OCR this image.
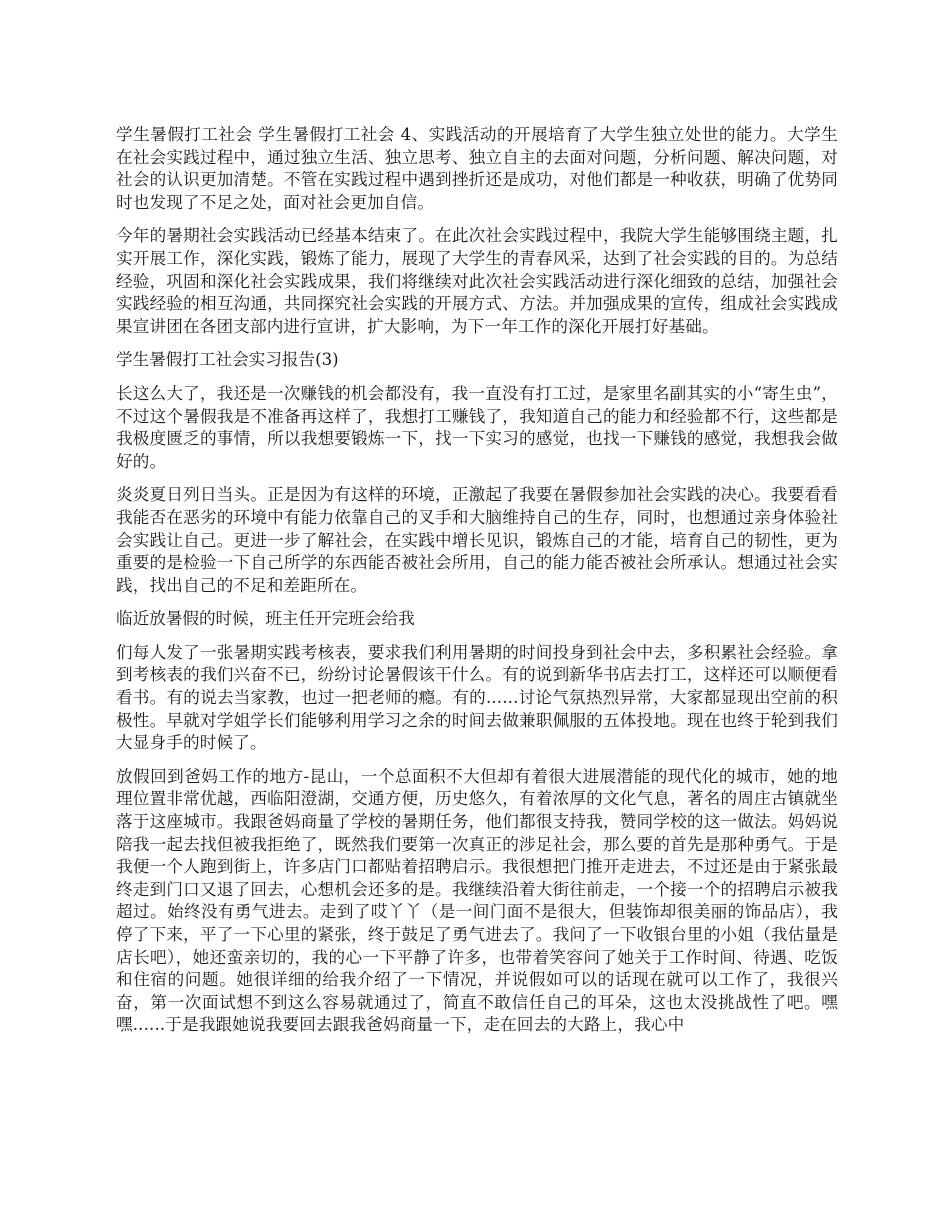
学生暑假打工社会 学生暑假打工社会 4、实践活动的开展培育了大学生独立处世的能力。大学生在社会实践过程中，通过独立生活、独立思考、独立自主的去面对问题，分析问题、解决问题，对社会的认识更加清楚。不管在实践过程中遇到挫折还是成功，对他们都是一种收获，明确了优势同时也发现了不足之处，面对社会更加自信。

今年的暑期社会实践活动已经基本结束了。在此次社会实践过程中，我院大学生能够围绕主题，扎实开展工作，深化实践，锻炼了能力，展现了大学生的青春风采，达到了社会实践的目的。为总结经验，巩固和深化社会实践成果，我们将继续对此次社会实践活动进行深化细致的总结，加强社会实践经验的相互沟通，共同探究社会实践的开展方式、方法。并加强成果的宣传，组成社会实践成果宣讲团在各团支部内进行宣讲，扩大影响，为下一年工作的深化开展打好基础。

学生暑假打工社会实习报告(3)

长这么大了，我还是一次赚钱的机会都没有，我一直没有打工过，是家里名副其实的小“寄生虫”，不过这个暑假我是不准备再这样了，我想打工赚钱了，我知道自己的能力和经验都不行，这些都是我极度匮乏的事情，所以我想要锻炼一下，找一下实习的感觉，也找一下赚钱的感觉，我想我会做好的。

炎炎夏日列日当头。正是因为有这样的环境，正激起了我要在暑假参加社会实践的决心。我要看看我能否在恶劣的环境中有能力依靠自己的叉手和大脑维持自己的生存，同时，也想通过亲身体验社会实践让自己。更进一步了解社会，在实践中增长见识，锻炼自己的才能，培育自己的韧性，更为重要的是检验一下自己所学的东西能否被社会所用，自己的能力能否被社会所承认。想通过社会实践，找出自己的不足和差距所在。

临近放暑假的时候，班主任开完班会给我

们每人发了一张暑期实践考核表，要求我们利用暑期的时间投身到社会中去，多积累社会经验。拿到考核表的我们兴奋不已，纷纷讨论暑假该干什么。有的说到新华书店去打工，这样还可以顺便看看书。有的说去当家教，也过一把老师的瘾。有的......讨论气氛热烈异常，大家都显现出空前的积极性。早就对学姐学长们能够利用学习之余的时间去做兼职佩服的五体投地。现在也终于轮到我们大显身手的时候了。

放假回到爸妈工作的地方-昆山，一个总面积不大但却有着很大进展潜能的现代化的城市，她的地理位置非常优越，西临阳澄湖，交通方便，历史悠久，有着浓厚的文化气息，著名的周庄古镇就坐落于这座城市。我跟爸妈商量了学校的暑期任务，他们都很支持我，赞同学校的这一做法。妈妈说陪我一起去找但被我拒绝了，既然我们要第一次真正的涉足社会，那么要的首先是那种勇气。于是我便一个人跑到街上，许多店门口都贴着招聘启示。我很想把门推开走进去，不过还是由于紧张最终走到门口又退了回去，心想机会还多的是。我继续沿着大街往前走，一个接一个的招聘启示被我超过。始终没有勇气进去。走到了哎丫丫（是一间门面不是很大，但装饰却很美丽的饰品店），我停了下来，平了一下心里的紧张，终于鼓足了勇气进去了。我问了一下收银台里的小姐（我估量是店长吧），她还蛮亲切的，我的心一下平静了许多，也带着笑容问了她关于工作时间、待遇、吃饭和住宿的问题。她很详细的给我介绍了一下情况，并说假如可以的话现在就可以工作了，我很兴奋，第一次面试想不到这么容易就通过了，简直不敢信任自己的耳朵，这也太没挑战性了吧。嘿嘿......于是我跟她说我要回去跟我爸妈商量一下，走在回去的大路上，我心中
